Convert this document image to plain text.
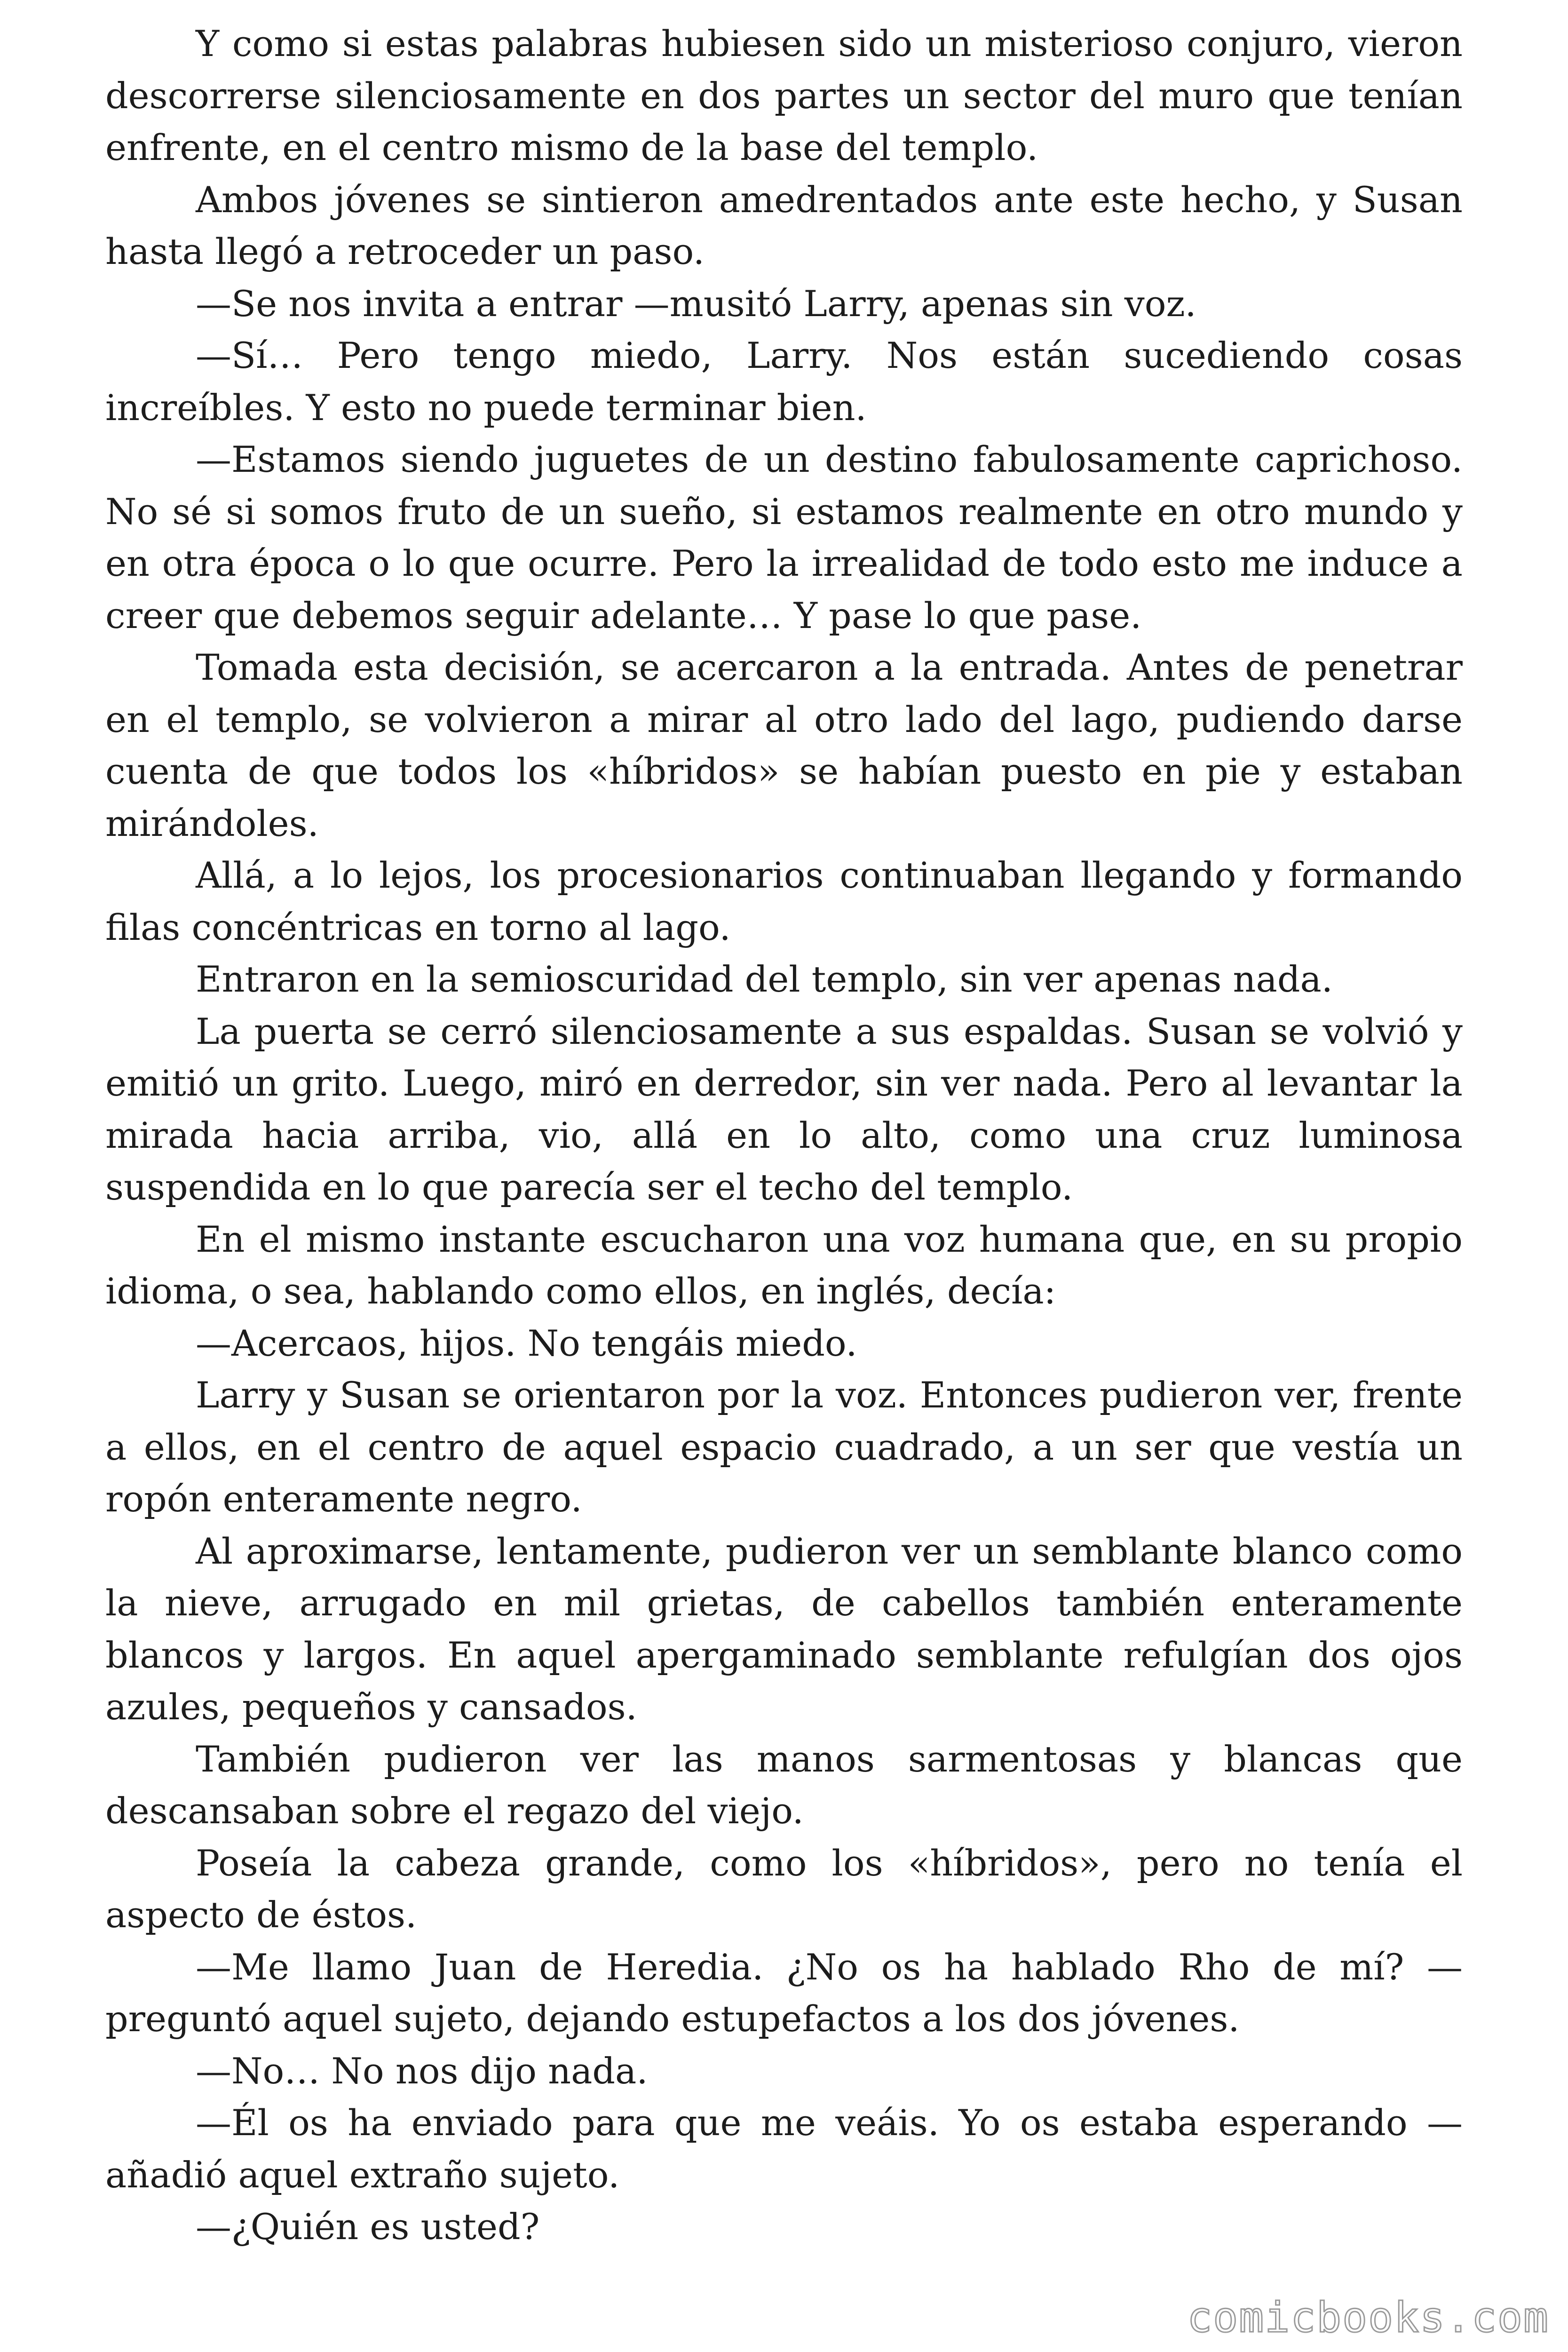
Y como si estas palabras hubiesen sido un misterioso conjuro, vieron descorrerse silenciosamente en dos partes un sector del muro que tenían enfrente, en el centro mismo de la base del templo.

Ambos jóvenes se sintieron amedrentados ante este hecho, y Susan hasta llegó a retroceder un paso.

—Se nos invita a entrar —musitó Larry, apenas sin voz.

—Sí… Pero tengo miedo, Larry. Nos están sucediendo cosas increíbles. Y esto no puede terminar bien.

—Estamos siendo juguetes de un destino fabulosamente caprichoso. No sé si somos fruto de un sueño, si estamos realmente en otro mundo y en otra época o lo que ocurre. Pero la irrealidad de todo esto me induce a creer que debemos seguir adelante… Y pase lo que pase.

Tomada esta decisión, se acercaron a la entrada. Antes de penetrar en el templo, se volvieron a mirar al otro lado del lago, pudiendo darse cuenta de que todos los «híbridos» se habían puesto en pie y estaban mirándoles.

Allá, a lo lejos, los procesionarios continuaban llegando y formando filas concéntricas en torno al lago.

Entraron en la semioscuridad del templo, sin ver apenas nada.

La puerta se cerró silenciosamente a sus espaldas. Susan se volvió y emitió un grito. Luego, miró en derredor, sin ver nada. Pero al levantar la mirada hacia arriba, vio, allá en lo alto, como una cruz luminosa suspendida en lo que parecía ser el techo del templo.

En el mismo instante escucharon una voz humana que, en su propio idioma, o sea, hablando como ellos, en inglés, decía:

—Acercaos, hijos. No tengáis miedo.

Larry y Susan se orientaron por la voz. Entonces pudieron ver, frente a ellos, en el centro de aquel espacio cuadrado, a un ser que vestía un ropón enteramente negro.

Al aproximarse, lentamente, pudieron ver un semblante blanco como la nieve, arrugado en mil grietas, de cabellos también enteramente blancos y largos. En aquel apergaminado semblante refulgían dos ojos azules, pequeños y cansados.

También pudieron ver las manos sarmentosas y blancas que descansaban sobre el regazo del viejo.

Poseía la cabeza grande, como los «híbridos», pero no tenía el aspecto de éstos.

—Me llamo Juan de Heredia. ¿No os ha hablado Rho de mí? —preguntó aquel sujeto, dejando estupefactos a los dos jóvenes.

—No… No nos dijo nada.

—Él os ha enviado para que me veáis. Yo os estaba esperando —añadió aquel extraño sujeto.

—¿Quién es usted?

comicbooks.com
